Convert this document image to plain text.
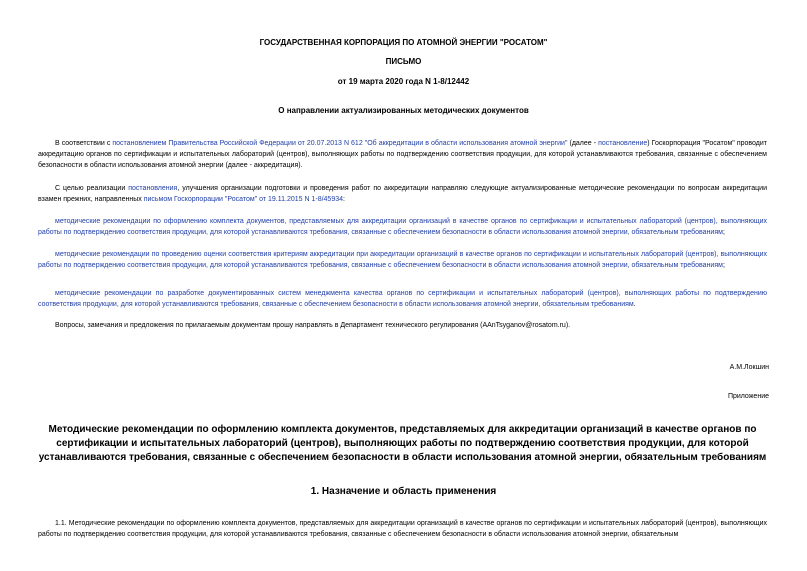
ГОСУДАРСТВЕННАЯ КОРПОРАЦИЯ ПО АТОМНОЙ ЭНЕРГИИ "РОСАТОМ"
ПИСЬМО
от 19 марта 2020 года N 1-8/12442
О направлении актуализированных методических документов
В соответствии с постановлением Правительства Российской Федерации от 20.07.2013 N 612 "Об аккредитации в области использования атомной энергии" (далее - постановление) Госкорпорация "Росатом" проводит аккредитацию органов по сертификации и испытательных лабораторий (центров), выполняющих работы по подтверждению соответствия продукции, для которой устанавливаются требования, связанные с обеспечением безопасности в области использования атомной энергии (далее - аккредитация).
С целью реализации постановления, улучшения организации подготовки и проведения работ по аккредитации направляю следующие актуализированные методические рекомендации по вопросам аккредитации взамен прежних, направленных письмом Госкорпорации "Росатом" от 19.11.2015 N 1-8/45934:
методические рекомендации по оформлению комплекта документов, представляемых для аккредитации организаций в качестве органов по сертификации и испытательных лабораторий (центров), выполняющих работы по подтверждению соответствия продукции, для которой устанавливаются требования, связанные с обеспечением безопасности в области использования атомной энергии, обязательным требованиям;
методические рекомендации по проведению оценки соответствия критериям аккредитации при аккредитации организаций в качестве органов по сертификации и испытательных лабораторий (центров), выполняющих работы по подтверждению соответствия продукции, для которой устанавливаются требования, связанные с обеспечением безопасности в области использования атомной энергии, обязательным требованиям;
методические рекомендации по разработке документированных систем менеджмента качества органов по сертификации и испытательных лабораторий (центров), выполняющих работы по подтверждению соответствия продукции, для которой устанавливаются требования, связанные с обеспечением безопасности в области использования атомной энергии, обязательным требованиям.
Вопросы, замечания и предложения по прилагаемым документам прошу направлять в Департамент технического регулирования (AAnTsyganov@rosatom.ru).
А.М.Локшин
Приложение
Методические рекомендации по оформлению комплекта документов, представляемых для аккредитации организаций в качестве органов по сертификации и испытательных лабораторий (центров), выполняющих работы по подтверждению соответствия продукции, для которой устанавливаются требования, связанные с обеспечением безопасности в области использования атомной энергии, обязательным требованиям
1. Назначение и область применения
1.1. Методические рекомендации по оформлению комплекта документов, представляемых для аккредитации организаций в качестве органов по сертификации и испытательных лабораторий (центров), выполняющих работы по подтверждению соответствия продукции, для которой устанавливаются требования, связанные с обеспечением безопасности в области использования атомной энергии, обязательным
